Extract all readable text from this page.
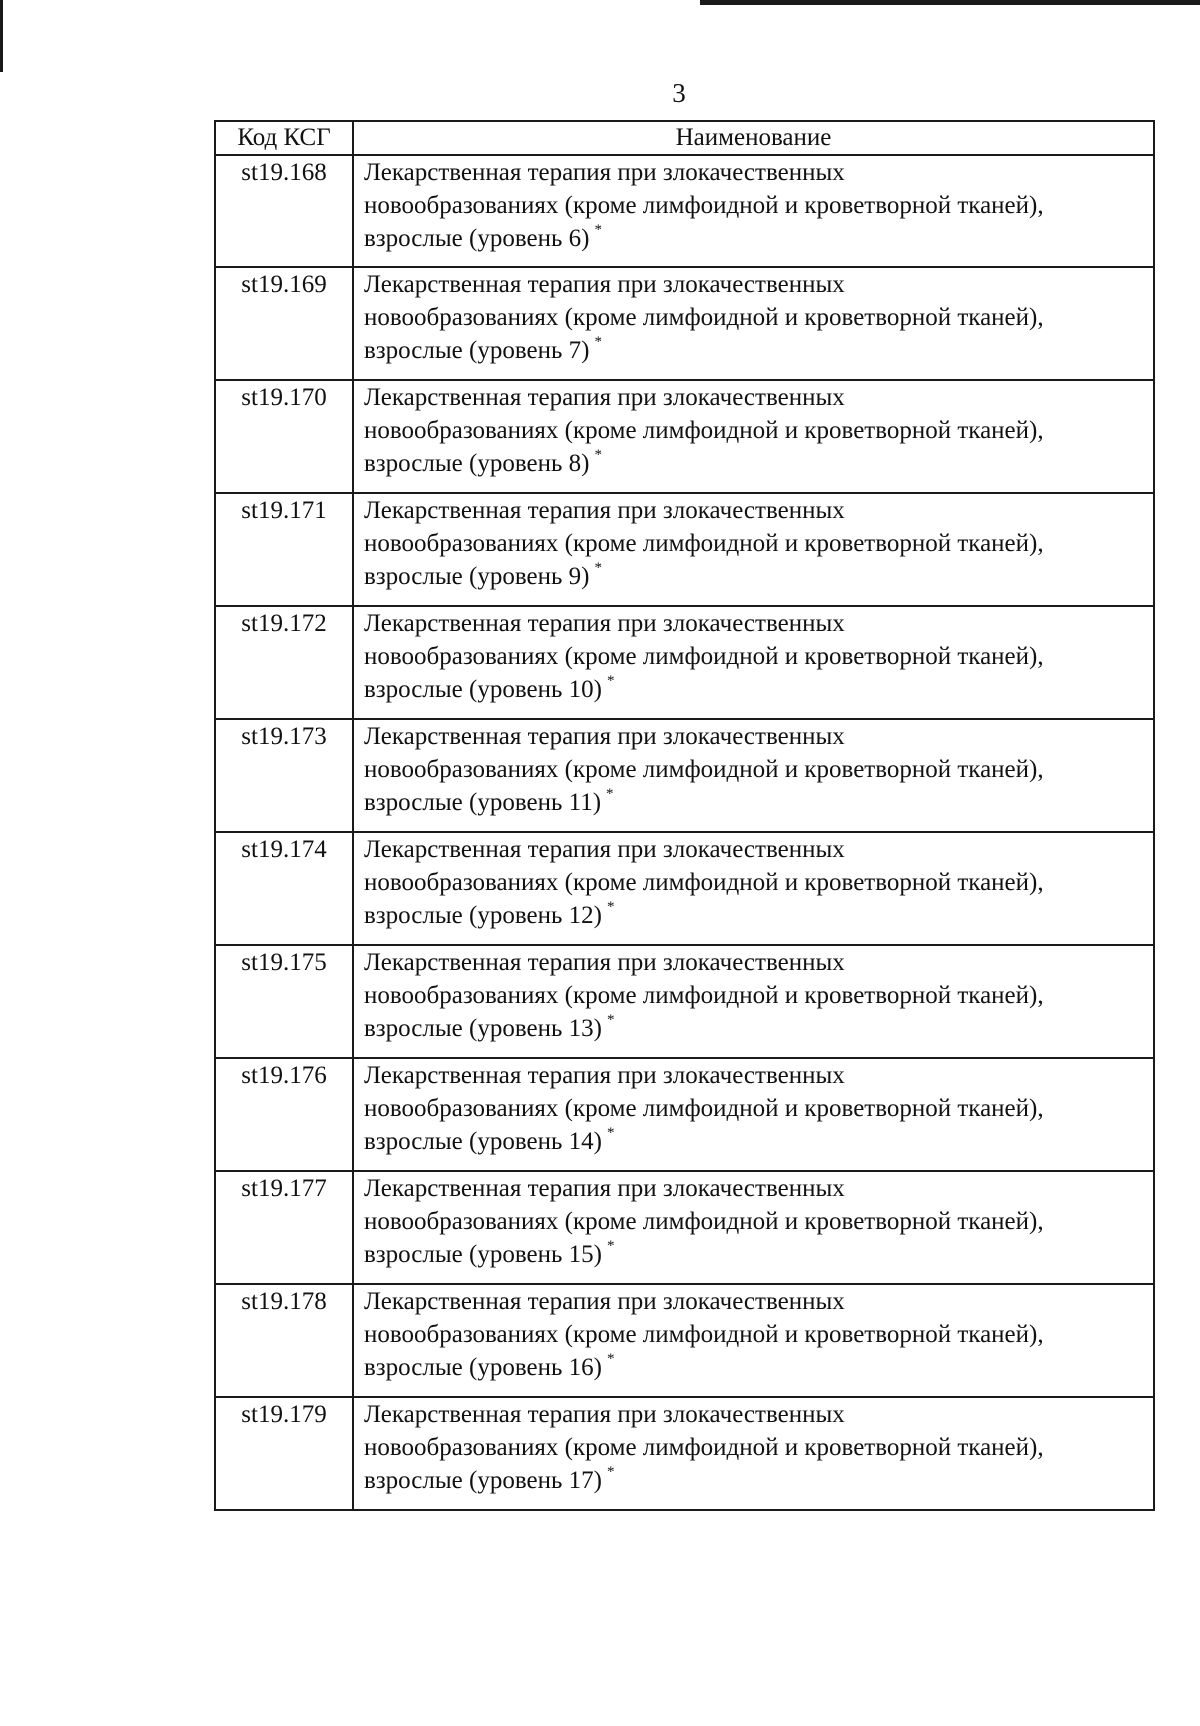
3
Код КСГ	Наименование
st19.168	Лекарственная терапия при злокачественных
новообразованиях (кроме лимфоидной и кроветворной тканей),
взрослые (уровень 6) *

st19.169	Лекарственная терапия при злокачественных
новообразованиях (кроме лимфоидной и кроветворной тканей),
взрослые (уровень 7) *

st19.170	Лекарственная терапия при злокачественных
новообразованиях (кроме лимфоидной и кроветворной тканей),
взрослые (уровень 8) *

st19.171	Лекарственная терапия при злокачественных
новообразованиях (кроме лимфоидной и кроветворной тканей),
взрослые (уровень 9) *

st19.172	Лекарственная терапия при злокачественных
новообразованиях (кроме лимфоидной и кроветворной тканей),
взрослые (уровень 10) *

st19.173	Лекарственная терапия при злокачественных
новообразованиях (кроме лимфоидной и кроветворной тканей),
взрослые (уровень 11) *

st19.174	Лекарственная терапия при злокачественных
новообразованиях (кроме лимфоидной и кроветворной тканей),
взрослые (уровень 12) *

st19.175	Лекарственная терапия при злокачественных
новообразованиях (кроме лимфоидной и кроветворной тканей),
взрослые (уровень 13) *

st19.176	Лекарственная терапия при злокачественных
новообразованиях (кроме лимфоидной и кроветворной тканей),
взрослые (уровень 14) *

st19.177	Лекарственная терапия при злокачественных
новообразованиях (кроме лимфоидной и кроветворной тканей),
взрослые (уровень 15) *

st19.178	Лекарственная терапия при злокачественных
новообразованиях (кроме лимфоидной и кроветворной тканей),
взрослые (уровень 16) *

st19.179	Лекарственная терапия при злокачественных
новообразованиях (кроме лимфоидной и кроветворной тканей),
взрослые (уровень 17) *
